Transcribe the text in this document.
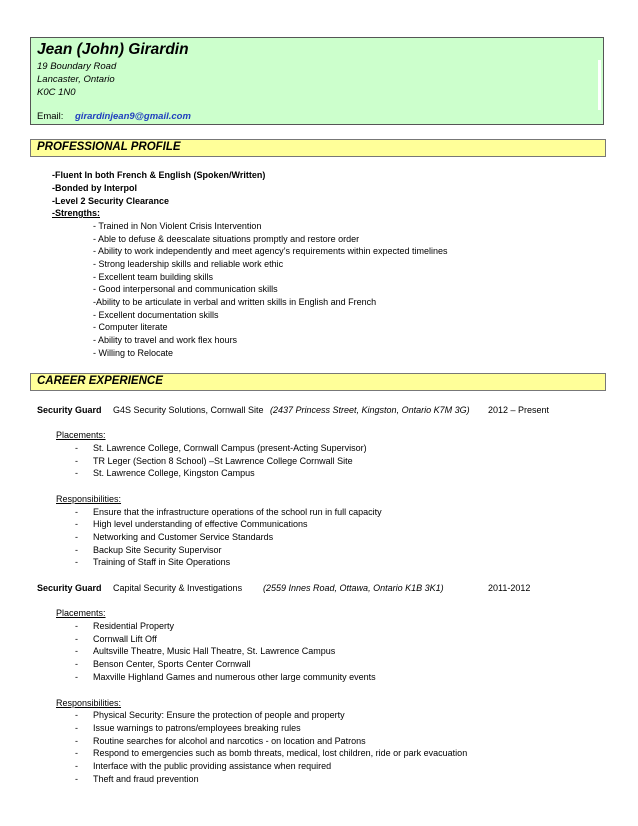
Jean (John) Girardin
19 Boundary Road
Lancaster, Ontario
K0C 1N0
Email: girardinjean9@gmail.com
PROFESSIONAL PROFILE
-Fluent In both French & English (Spoken/Written)
-Bonded by Interpol
-Level 2 Security Clearance
-Strengths:
- Trained in Non Violent Crisis Intervention
- Able to defuse & deescalate situations promptly and restore order
- Ability to work independently and meet agency’s requirements within expected timelines
- Strong leadership skills and reliable work ethic
- Excellent team building skills
- Good interpersonal and communication skills
-Ability to be articulate in verbal and written skills in English and French
- Excellent documentation skills
- Computer literate
- Ability to travel and work flex hours
- Willing to Relocate
CAREER EXPERIENCE
Security Guard G4S Security Solutions, Cornwall Site (2437 Princess Street, Kingston, Ontario K7M 3G) 2012 – Present
Placements:
- St. Lawrence College, Cornwall Campus (present-Acting Supervisor)
- TR Leger (Section 8 School) –St Lawrence College Cornwall Site
- St. Lawrence College, Kingston Campus
Responsibilities:
- Ensure that the infrastructure operations of the school run in full capacity
- High level understanding of effective Communications
- Networking and Customer Service Standards
- Backup Site Security Supervisor
- Training of Staff in Site Operations
Security Guard Capital Security & Investigations (2559 Innes Road, Ottawa, Ontario K1B 3K1)	2011-2012
Placements:
- Residential Property
- Cornwall Lift Off
- Aultsville Theatre, Music Hall Theatre, St. Lawrence Campus
- Benson Center, Sports Center Cornwall
- Maxville Highland Games and numerous other large community events
Responsibilities:
- Physical Security: Ensure the protection of people and property
- Issue warnings to patrons/employees breaking rules
- Routine searches for alcohol and narcotics - on location and Patrons
- Respond to emergencies such as bomb threats, medical, lost children, ride or park evacuation
- Interface with the public providing assistance when required
- Theft and fraud prevention
